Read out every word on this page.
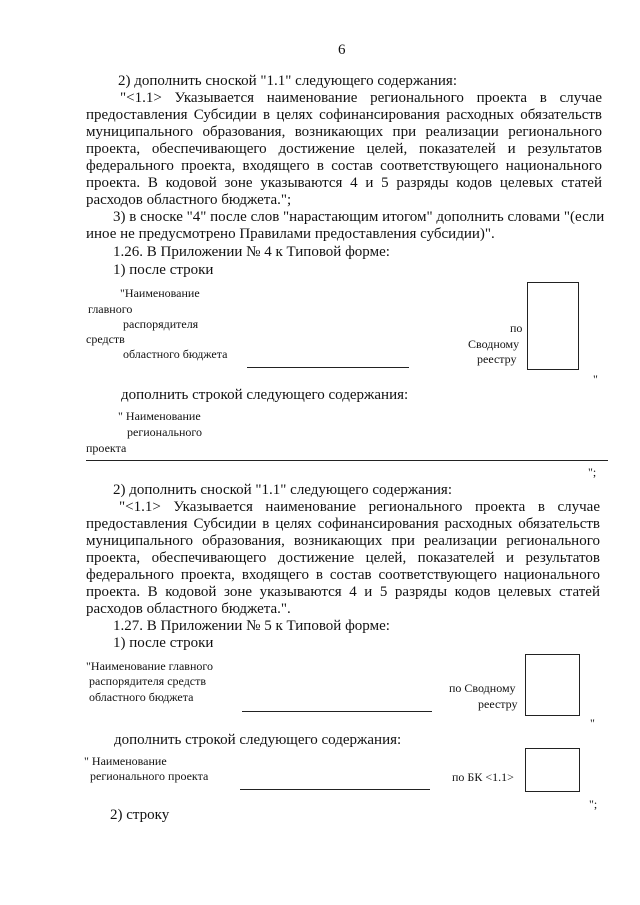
6
2) дополнить сноской "1.1" следующего содержания:
"<1.1> Указывается наименование регионального проекта в случае
предоставления Субсидии в целях софинансирования расходных обязательств
муниципального образования, возникающих при реализации регионального
проекта, обеспечивающего достижение целей, показателей и результатов
федерального проекта, входящего в состав соответствующего национального
проекта. В кодовой зоне указываются 4 и 5 разряды кодов целевых статей
расходов областного бюджета.";
3) в сноске "4" после слов "нарастающим итогом" дополнить словами "(если
иное не предусмотрено Правилами предоставления субсидии)".
1.26. В Приложении № 4 к Типовой форме:
1) после строки
"Наименование
главного
распорядителя
средств
областного бюджета
по
Сводному
реестру
"
дополнить строкой следующего содержания:
" Наименование
регионального
проекта
";
2) дополнить сноской "1.1" следующего содержания:
"<1.1> Указывается наименование регионального проекта в случае
предоставления Субсидии в целях софинансирования расходных обязательств
муниципального образования, возникающих при реализации регионального
проекта, обеспечивающего достижение целей, показателей и результатов
федерального проекта, входящего в состав соответствующего национального
проекта. В кодовой зоне указываются 4 и 5 разряды кодов целевых статей
расходов областного бюджета.".
1.27. В Приложении № 5 к Типовой форме:
1) после строки
"Наименование главного
распорядителя средств
областного бюджета
по Сводному
реестру
"
дополнить строкой следующего содержания:
" Наименование
регионального проекта	по БК <1.1>
";
2) строку
